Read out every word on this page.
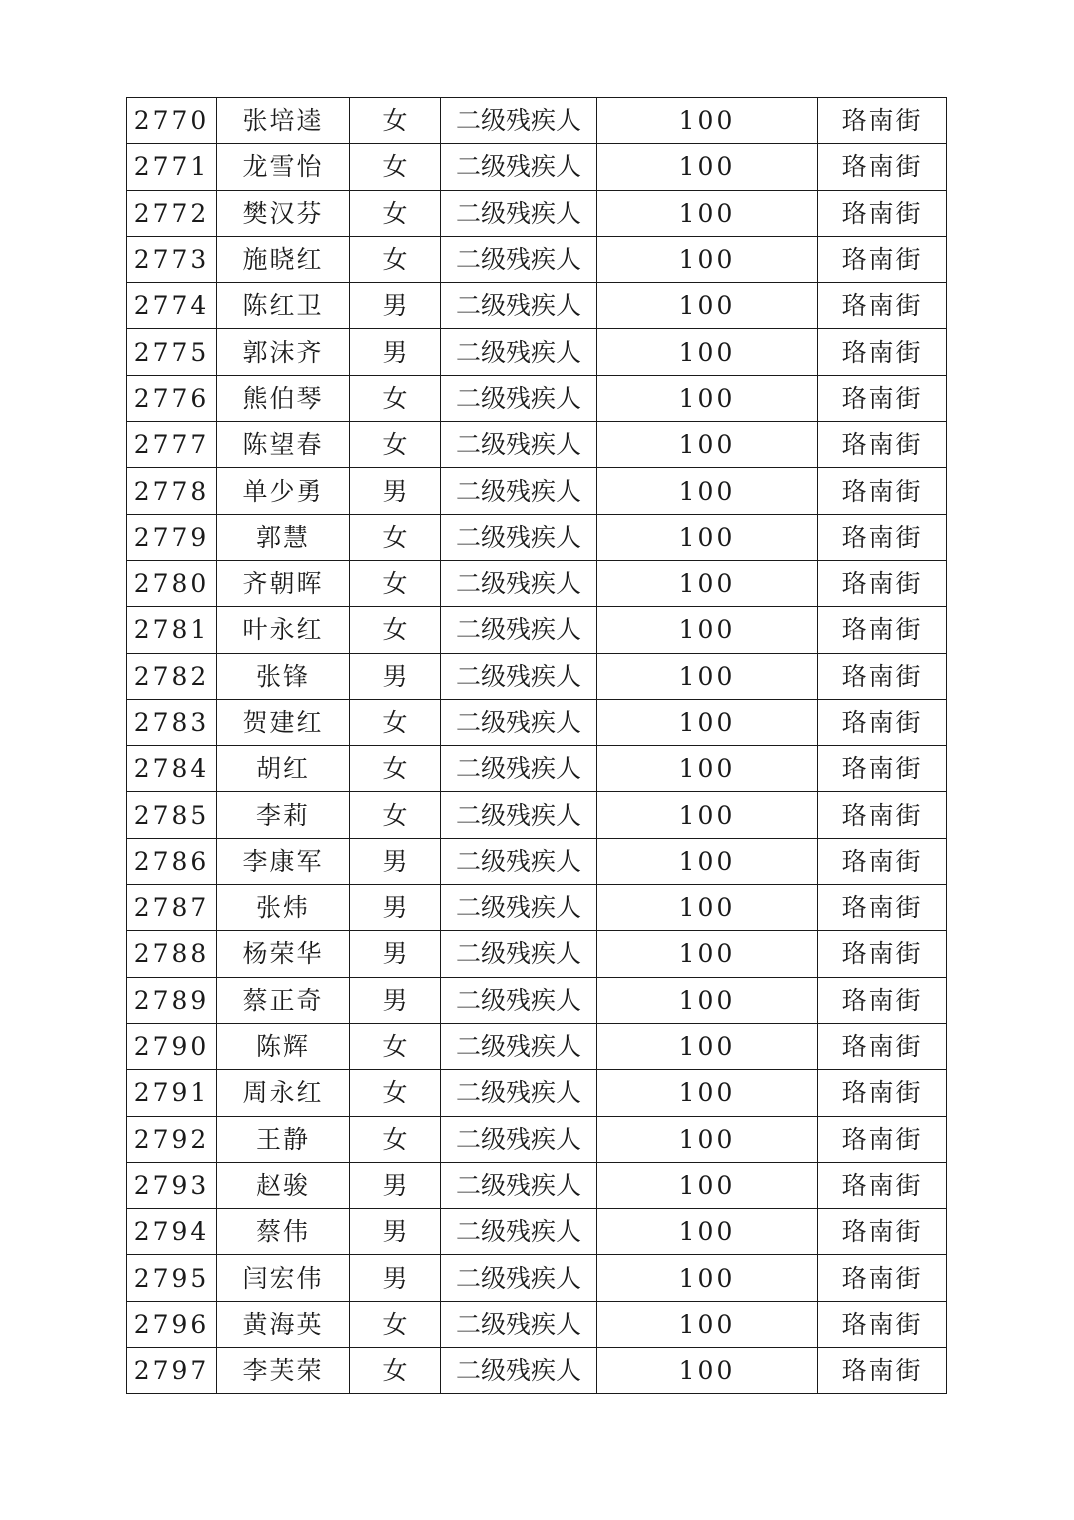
2770	张培逵	女	二级残疾人	100	珞南街
2771	龙雪怡	女	二级残疾人	100	珞南街
2772	樊汉芬	女	二级残疾人	100	珞南街
2773	施晓红	女	二级残疾人	100	珞南街
2774	陈红卫	男	二级残疾人	100	珞南街
2775	郭沫齐	男	二级残疾人	100	珞南街
2776	熊伯琴	女	二级残疾人	100	珞南街
2777	陈望春	女	二级残疾人	100	珞南街
2778	单少勇	男	二级残疾人	100	珞南街
2779	郭慧	女	二级残疾人	100	珞南街
2780	齐朝晖	女	二级残疾人	100	珞南街
2781	叶永红	女	二级残疾人	100	珞南街
2782	张锋	男	二级残疾人	100	珞南街
2783	贺建红	女	二级残疾人	100	珞南街
2784	胡红	女	二级残疾人	100	珞南街
2785	李莉	女	二级残疾人	100	珞南街
2786	李康军	男	二级残疾人	100	珞南街
2787	张炜	男	二级残疾人	100	珞南街
2788	杨荣华	男	二级残疾人	100	珞南街
2789	蔡正奇	男	二级残疾人	100	珞南街
2790	陈辉	女	二级残疾人	100	珞南街
2791	周永红	女	二级残疾人	100	珞南街
2792	王静	女	二级残疾人	100	珞南街
2793	赵骏	男	二级残疾人	100	珞南街
2794	蔡伟	男	二级残疾人	100	珞南街
2795	闫宏伟	男	二级残疾人	100	珞南街
2796	黄海英	女	二级残疾人	100	珞南街
2797	李芙荣	女	二级残疾人	100	珞南街
